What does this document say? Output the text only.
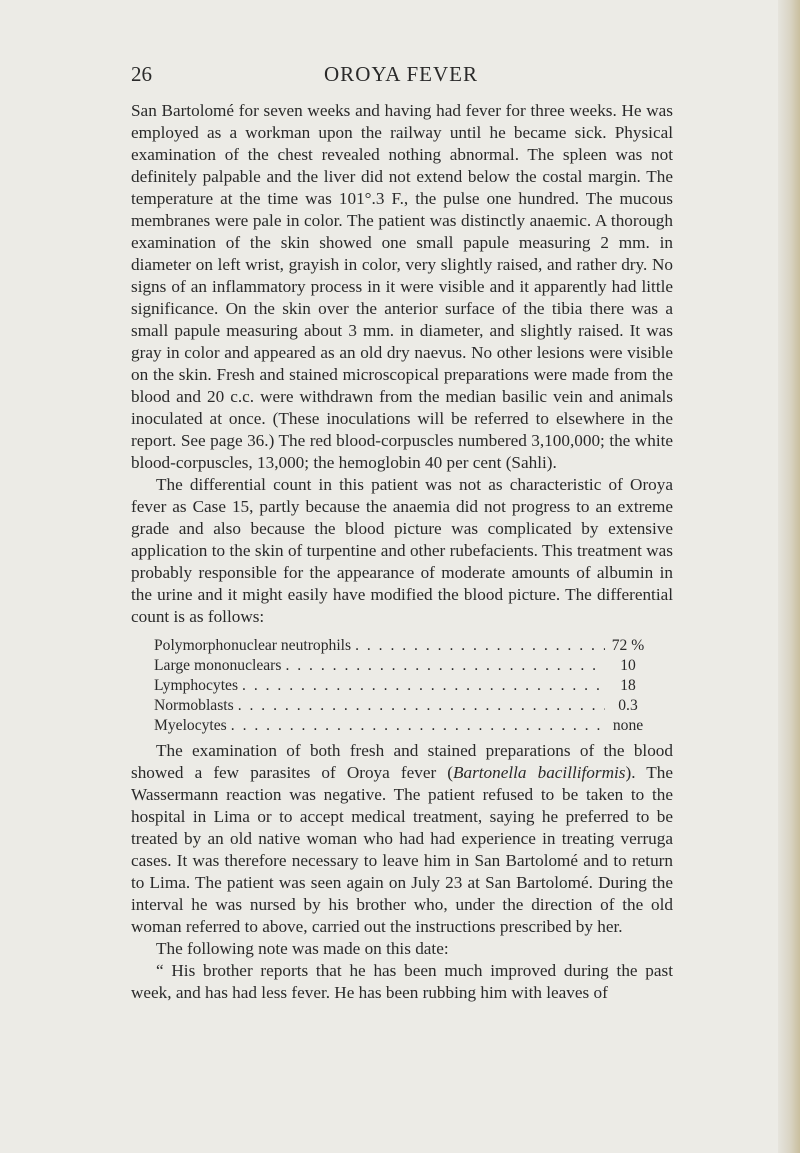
26	OROYA FEVER

San Bartolomé for seven weeks and having had fever for three weeks. He was employed as a workman upon the railway until he became sick. Physical examination of the chest revealed nothing abnormal. The spleen was not definitely palpable and the liver did not extend below the costal margin. The temperature at the time was 101°.3 F., the pulse one hundred. The mucous membranes were pale in color. The patient was distinctly anaemic. A thorough examination of the skin showed one small papule measuring 2 mm. in diameter on left wrist, grayish in color, very slightly raised, and rather dry. No signs of an inflammatory process in it were visible and it apparently had little significance. On the skin over the anterior surface of the tibia there was a small papule measuring about 3 mm. in diameter, and slightly raised. It was gray in color and appeared as an old dry naevus. No other lesions were visible on the skin. Fresh and stained microscopical preparations were made from the blood and 20 c.c. were withdrawn from the median basilic vein and animals inoculated at once. (These inoculations will be referred to elsewhere in the report. See page 36.) The red blood-corpuscles numbered 3,100,000; the white blood-corpuscles, 13,000; the hemoglobin 40 per cent (Sahli).

The differential count in this patient was not as characteristic of Oroya fever as Case 15, partly because the anaemia did not progress to an extreme grade and also because the blood picture was complicated by extensive application to the skin of turpentine and other rubefacients. This treatment was probably responsible for the appearance of moderate amounts of albumin in the urine and it might easily have modified the blood picture. The differential count is as follows:

Polymorphonuclear neutrophils . . .	72 %
Large mononuclears . . .	10
Lymphocytes . . .	18
Normoblasts . . .	0.3
Myelocytes . . .	none

The examination of both fresh and stained preparations of the blood showed a few parasites of Oroya fever (Bartonella bacilliformis). The Wassermann reaction was negative. The patient refused to be taken to the hospital in Lima or to accept medical treatment, saying he preferred to be treated by an old native woman who had had experience in treating verruga cases. It was therefore necessary to leave him in San Bartolomé and to return to Lima. The patient was seen again on July 23 at San Bartolomé. During the interval he was nursed by his brother who, under the direction of the old woman referred to above, carried out the instructions prescribed by her.

The following note was made on this date:

“ His brother reports that he has been much improved during the past week, and has had less fever. He has been rubbing him with leaves of
